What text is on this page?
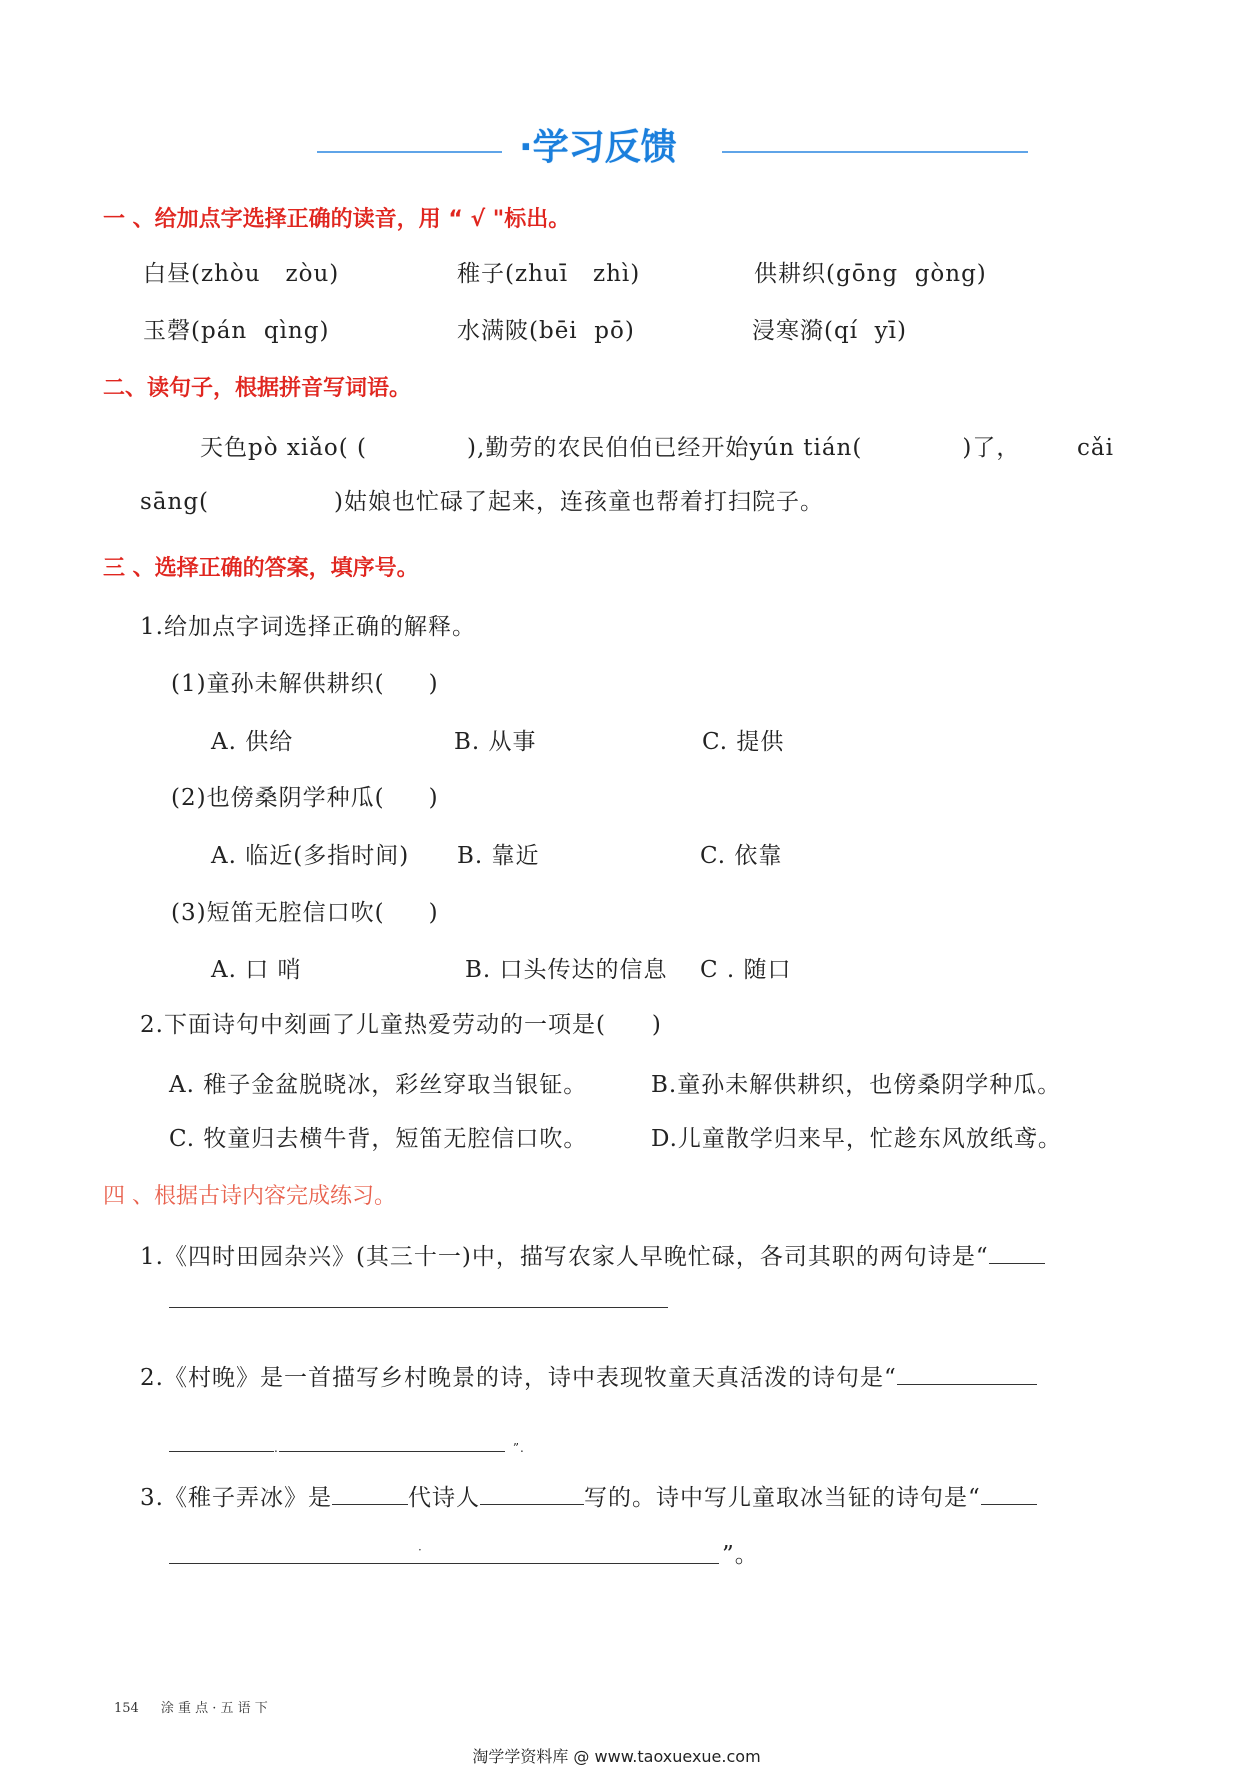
·学习反馈
一 、给加点字选择正确的读音，用 “ √ "标出。
白昼(zhòu   zòu)	稚子(zhuī   zhì)	供耕织(gōng  gòng)
玉磬(pán  qìng)	水满陂(bēi  pō)	浸寒漪(qí  yī)
二、读句子，根据拼音写词语。
天色pò xiǎo( (	),勤劳的农民伯伯已经开始yún tián(	)了， cǎi
sāng(	)姑娘也忙碌了起来，连孩童也帮着打扫院子。
三 、选择正确的答案，填序号。
1.给加点字词选择正确的解释。
(1)童孙未解供耕织( )
A. 供给	B. 从事	C. 提供
(2)也傍桑阴学种瓜( )
A. 临近(多指时间) B. 靠近	C. 依靠
(3)短笛无腔信口吹( )
A. 口 哨	B. 口头传达的信息 C . 随口
2.下面诗句中刻画了儿童热爱劳动的一项是( )
A. 稚子金盆脱晓冰，彩丝穿取当银钲。	B.童孙未解供耕织，也傍桑阴学种瓜。
C. 牧童归去横牛背，短笛无腔信口吹。	D.儿童散学归来早，忙趁东风放纸鸢。
四 、根据古诗内容完成练习。
1.《四时田园杂兴》(其三十一)中，描写农家人早晚忙碌，各司其职的两句诗是“
2.《村晚》是一首描写乡村晚景的诗，诗中表现牧童天真活泼的诗句是“
.	”.
3.《稚子弄冰》是	代诗人	写的。诗中写儿童取冰当钲的诗句是“
·	”。
154 涂 重 点 · 五 语 下
淘学学资料库 @ www.taoxuexue.com
